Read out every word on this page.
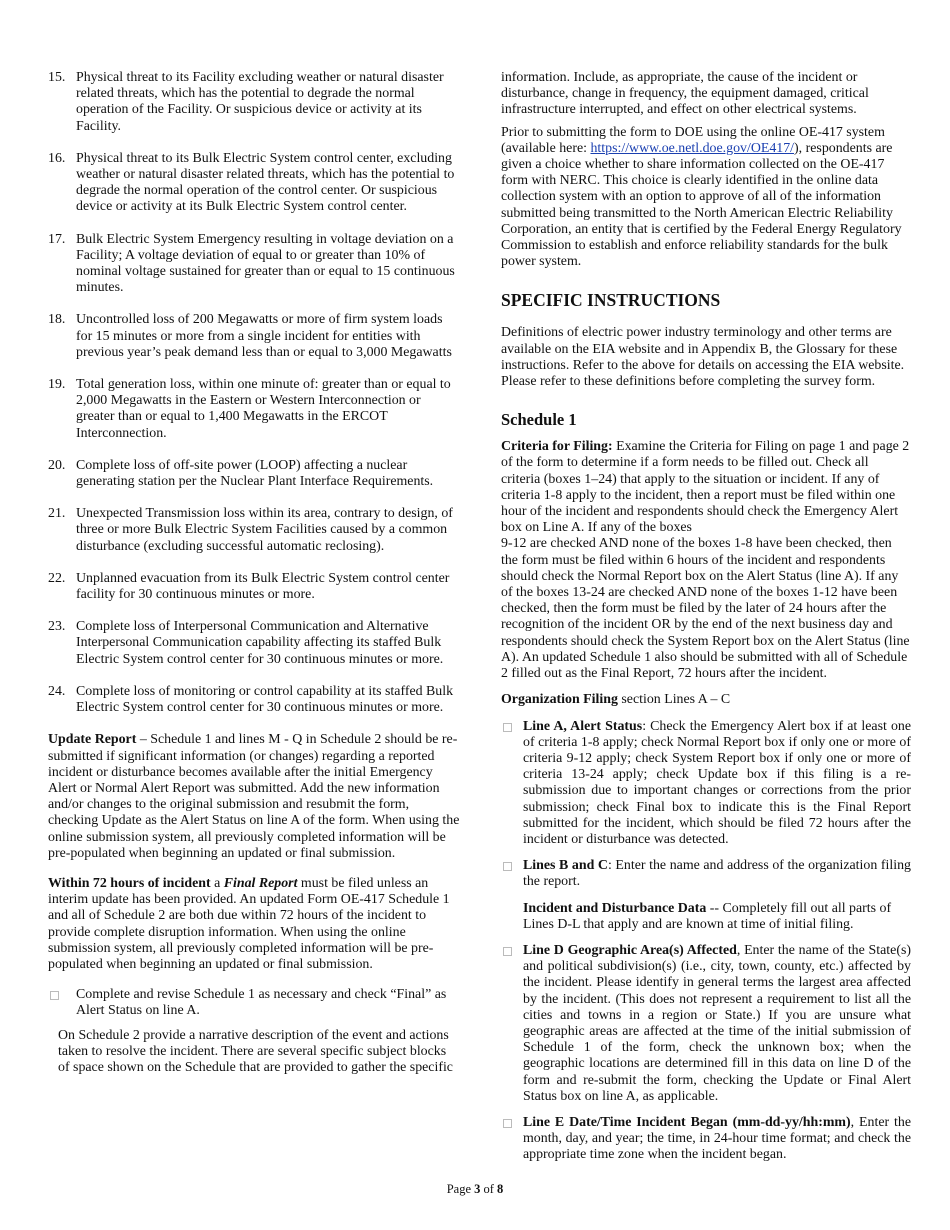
15. Physical threat to its Facility excluding weather or natural disaster related threats, which has the potential to degrade the normal operation of the Facility. Or suspicious device or activity at its Facility.
16. Physical threat to its Bulk Electric System control center, excluding weather or natural disaster related threats, which has the potential to degrade the normal operation of the control center. Or suspicious device or activity at its Bulk Electric System control center.
17. Bulk Electric System Emergency resulting in voltage deviation on a Facility; A voltage deviation of equal to or greater than 10% of nominal voltage sustained for greater than or equal to 15 continuous minutes.
18. Uncontrolled loss of 200 Megawatts or more of firm system loads for 15 minutes or more from a single incident for entities with previous year’s peak demand less than or equal to 3,000 Megawatts
19. Total generation loss, within one minute of: greater than or equal to 2,000 Megawatts in the Eastern or Western Interconnection or greater than or equal to 1,400 Megawatts in the ERCOT Interconnection.
20. Complete loss of off-site power (LOOP) affecting a nuclear generating station per the Nuclear Plant Interface Requirements.
21. Unexpected Transmission loss within its area, contrary to design, of three or more Bulk Electric System Facilities caused by a common disturbance (excluding successful automatic reclosing).
22. Unplanned evacuation from its Bulk Electric System control center facility for 30 continuous minutes or more.
23. Complete loss of Interpersonal Communication and Alternative Interpersonal Communication capability affecting its staffed Bulk Electric System control center for 30 continuous minutes or more.
24. Complete loss of monitoring or control capability at its staffed Bulk Electric System control center for 30 continuous minutes or more.

Update Report – Schedule 1 and lines M - Q in Schedule 2 should be re-submitted if significant information (or changes) regarding a reported incident or disturbance becomes available after the initial Emergency Alert or Normal Alert Report was submitted. Add the new information and/or changes to the original submission and resubmit the form, checking Update as the Alert Status on line A of the form. When using the online submission system, all previously completed information will be pre-populated when beginning an updated or final submission.

Within 72 hours of incident a Final Report must be filed unless an interim update has been provided. An updated Form OE-417 Schedule 1 and all of Schedule 2 are both due within 72 hours of the incident to provide complete disruption information. When using the online submission system, all previously completed information will be pre-populated when beginning an updated or final submission.

Complete and revise Schedule 1 as necessary and check “Final” as Alert Status on line A.

On Schedule 2 provide a narrative description of the event and actions taken to resolve the incident. There are several specific subject blocks of space shown on the Schedule that are provided to gather the specific

information. Include, as appropriate, the cause of the incident or disturbance, change in frequency, the equipment damaged, critical infrastructure interrupted, and effect on other electrical systems.

Prior to submitting the form to DOE using the online OE-417 system (available here: https://www.oe.netl.doe.gov/OE417/), respondents are given a choice whether to share information collected on the OE-417 form with NERC. This choice is clearly identified in the online data collection system with an option to approve of all of the information submitted being transmitted to the North American Electric Reliability Corporation, an entity that is certified by the Federal Energy Regulatory Commission to establish and enforce reliability standards for the bulk power system.

SPECIFIC INSTRUCTIONS

Definitions of electric power industry terminology and other terms are available on the EIA website and in Appendix B, the Glossary for these instructions. Refer to the above for details on accessing the EIA website. Please refer to these definitions before completing the survey form.

Schedule 1

Criteria for Filing: Examine the Criteria for Filing on page 1 and page 2 of the form to determine if a form needs to be filled out. Check all criteria (boxes 1–24) that apply to the situation or incident. If any of criteria 1-8 apply to the incident, then a report must be filed within one hour of the incident and respondents should check the Emergency Alert box on Line A. If any of the boxes

9-12 are checked AND none of the boxes 1-8 have been checked, then the form must be filed within 6 hours of the incident and respondents should check the Normal Report box on the Alert Status (line A). If any of the boxes 13-24 are checked AND none of the boxes 1-12 have been checked, then the form must be filed by the later of 24 hours after the recognition of the incident OR by the end of the next business day and respondents should check the System Report box on the Alert Status (line A). An updated Schedule 1 also should be submitted with all of Schedule 2 filled out as the Final Report, 72 hours after the incident.

Organization Filing section Lines A – C

Line A, Alert Status: Check the Emergency Alert box if at least one of criteria 1-8 apply; check Normal Report box if only one or more of criteria 9-12 apply; check System Report box if only one or more of criteria 13-24 apply; check Update box if this filing is a re-submission due to important changes or corrections from the prior submission; check Final box to indicate this is the Final Report submitted for the incident, which should be filed 72 hours after the incident or disturbance was detected.
Lines B and C: Enter the name and address of the organization filing the report.

Incident and Disturbance Data -- Completely fill out all parts of Lines D-L that apply and are known at time of initial filing.

Line D Geographic Area(s) Affected, Enter the name of the State(s) and political subdivision(s) (i.e., city, town, county, etc.) affected by the incident. Please identify in general terms the largest area affected by the incident. (This does not represent a requirement to list all the cities and towns in a region or State.) If you are unsure what geographic areas are affected at the time of the initial submission of Schedule 1 of the form, check the unknown box; when the geographic locations are determined fill in this data on line D of the form and re-submit the form, checking the Update or Final Alert Status box on line A, as applicable.
Line E Date/Time Incident Began (mm-dd-yy/hh:mm), Enter the month, day, and year; the time, in 24-hour time format; and check the appropriate time zone when the incident began.
Page 3 of 8
